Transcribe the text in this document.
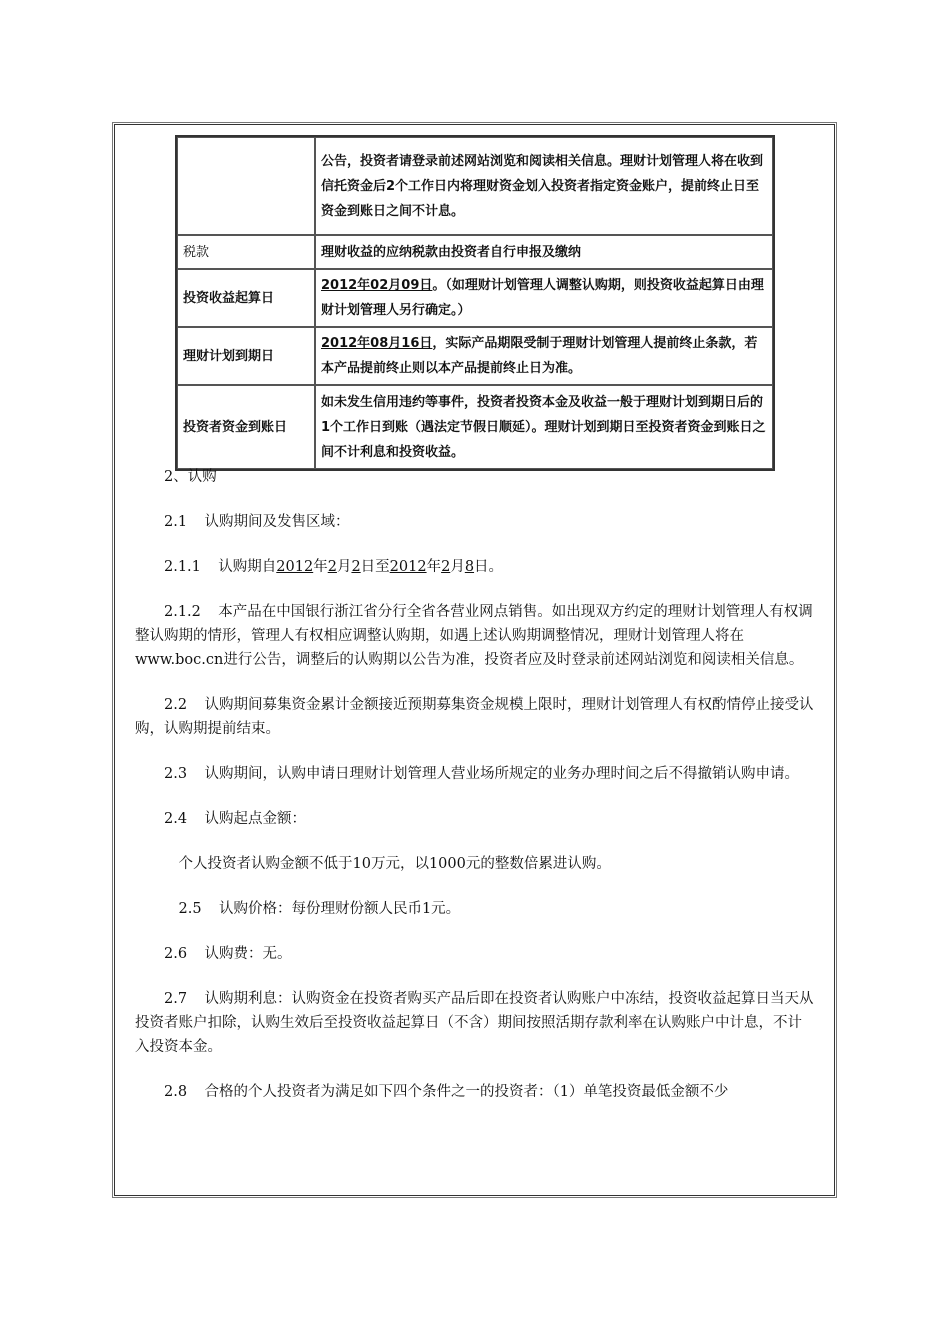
	公告，投资者请登录前述网站浏览和阅读相关信息。理财计划管理人将在收到信托资金后2个工作日内将理财资金划入投资者指定资金账户，提前终止日至资金到账日之间不计息。
税款	理财收益的应纳税款由投资者自行申报及缴纳
投资收益起算日	2012年02月09日。（如理财计划管理人调整认购期，则投资收益起算日由理财计划管理人另行确定。）
理财计划到期日	2012年08月16日，实际产品期限受制于理财计划管理人提前终止条款，若本产品提前终止则以本产品提前终止日为准。
投资者资金到账日	如未发生信用违约等事件，投资者投资本金及收益一般于理财计划到期日后的1个工作日到账（遇法定节假日顺延）。理财计划到期日至投资者资金到账日之间不计利息和投资收益。

2、认购

2.1 认购期间及发售区域：

2.1.1 认购期自2012年2月2日至2012年2月8日。

2.1.2 本产品在中国银行浙江省分行全省各营业网点销售。如出现双方约定的理财计划管理人有权调整认购期的情形，管理人有权相应调整认购期，如遇上述认购期调整情况，理财计划管理人将在www.boc.cn进行公告，调整后的认购期以公告为准，投资者应及时登录前述网站浏览和阅读相关信息。

2.2 认购期间募集资金累计金额接近预期募集资金规模上限时，理财计划管理人有权酌情停止接受认购，认购期提前结束。

2.3 认购期间，认购申请日理财计划管理人营业场所规定的业务办理时间之后不得撤销认购申请。

2.4 认购起点金额：

个人投资者认购金额不低于10万元，以1000元的整数倍累进认购。

2.5 认购价格：每份理财份额人民币1元。

2.6 认购费：无。

2.7 认购期利息：认购资金在投资者购买产品后即在投资者认购账户中冻结，投资收益起算日当天从投资者账户扣除，认购生效后至投资收益起算日（不含）期间按照活期存款利率在认购账户中计息，不计入投资本金。

2.8 合格的个人投资者为满足如下四个条件之一的投资者：（1）单笔投资最低金额不少
